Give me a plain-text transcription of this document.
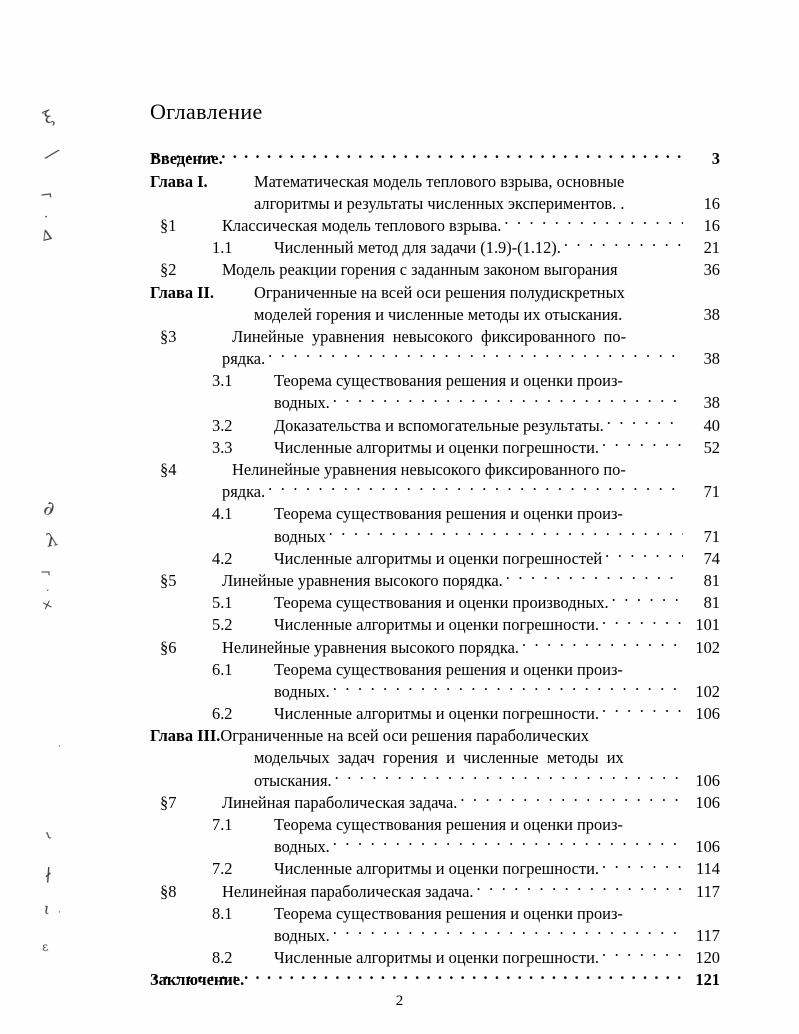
ξ
⁄
¬
·
∆
∂
λ
¬
·
×
·
ι
∤
ι ·
ε
Оглавление
Введение. . . .	3
Глава I.	Математическая модель теплового взрыва, основные
алгоритмы и результаты численных экспериментов. .	16
§1	Классическая модель теплового взрыва. . . .	16
1.1	Численный метод для задачи (1.9)-(1.12). . . .	21
§2	Модель реакции горения с заданным законом выгорания	36
Глава II.	Ограниченные на всей оси решения полудискретных
моделей горения и численные методы их отыскания.	38
§3	Линейные  уравнения  невысокого  фиксированного  по-
рядка. . . .	38
3.1	Теорема существования решения и оценки произ-
водных. . . .	38
3.2	Доказательства и вспомогательные результаты. . . .	40
3.3	Численные алгоритмы и оценки погрешности. . . .	52
§4	Нелинейные уравнения невысокого фиксированного по-
рядка. . . .	71
4.1	Теорема существования решения и оценки произ-
водных . . .	71
4.2	Численные алгоритмы и оценки погрешностей . . .	74
§5	Линейные уравнения высокого порядка. . . .	81
5.1	Теорема существования и оценки производных. . . .	81
5.2	Численные алгоритмы и оценки погрешности. . . .	101
§6	Нелинейные уравнения высокого порядка. . . .	102
6.1	Теорема существования решения и оценки произ-
водных. . . .	102
6.2	Численные алгоритмы и оценки погрешности. . . .	106
Глава III. Ограниченные на всей оси решения параболических
модельчых  задач  горения  и  численные  методы  их
отыскания. . . .	106
§7	Линейная параболическая задача. . . .	106
7.1	Теорема существования решения и оценки произ-
водных. . . .	106
7.2	Численные алгоритмы и оценки погрешности. . . .	114
§8	Нелинейная параболическая задача. . . .	117
8.1	Теорема существования решения и оценки произ-
водных. . . .	117
8.2	Численные алгоритмы и оценки погрешности. . . .	120
Заключение. . . .	121
2
